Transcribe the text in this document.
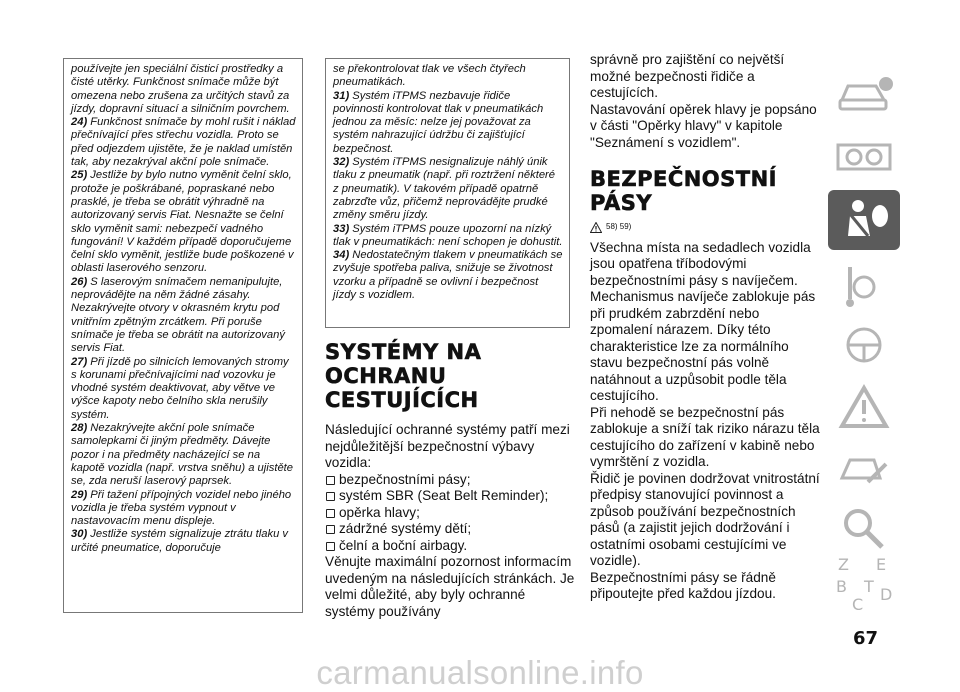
používejte jen speciální čisticí prostředky a čisté utěrky. Funkčnost snímače může být omezena nebo zrušena za určitých stavů za jízdy, dopravní situací a silničním povrchem.

24) Funkčnost snímače by mohl rušit i náklad přečnívající přes střechu vozidla. Proto se před odjezdem ujistěte, že je naklad umístěn tak, aby nezakrýval akční pole snímače.

25) Jestliže by bylo nutno vyměnit čelní sklo, protože je poškrábané, popraskané nebo prasklé, je třeba se obrátit výhradně na autorizovaný servis Fiat. Nesnažte se čelní sklo vyměnit sami: nebezpečí vadného fungování! V každém případě doporučujeme čelní sklo vyměnit, jestliže bude poškozené v oblasti laserového senzoru.

26) S laserovým snímačem nemanipulujte, neprovádějte na něm žádné zásahy. Nezakrývejte otvory v okrasném krytu pod vnitřním zpětným zrcátkem. Při poruše snímače je třeba se obrátit na autorizovaný servis Fiat.

27) Při jízdě po silnicích lemovaných stromy s korunami přečnívajícími nad vozovku je vhodné systém deaktivovat, aby větve ve výšce kapoty nebo čelního skla nerušily systém.

28) Nezakrývejte akční pole snímače samolepkami či jiným předměty. Dávejte pozor i na předměty nacházející se na kapotě vozidla (např. vrstva sněhu) a ujistěte se, zda neruší laserový paprsek.

29) Při tažení přípojných vozidel nebo jiného vozidla je třeba systém vypnout v nastavovacím menu displeje.

30) Jestliže systém signalizuje ztrátu tlaku v určité pneumatice, doporučuje

se překontrolovat tlak ve všech čtyřech pneumatikách.

31) Systém iTPMS nezbavuje řidiče povinnosti kontrolovat tlak v pneumatikách jednou za měsíc: nelze jej považovat za systém nahrazující údržbu či zajišťující bezpečnost.

32) Systém iTPMS nesignalizuje náhlý únik tlaku z pneumatik (např. při roztržení některé z pneumatik). V takovém případě opatrně zabrzďte vůz, přičemž neprovádějte prudké změny směru jízdy.

33) Systém iTPMS pouze upozorní na nízký tlak v pneumatikách: není schopen je dohustit.

34) Nedostatečným tlakem v pneumatikách se zvyšuje spotřeba paliva, snižuje se životnost vzorku a případně se ovlivní i bezpečnost jízdy s vozidlem.

SYSTÉMY NA OCHRANU CESTUJÍCÍCH

Následující ochranné systémy patří mezi nejdůležitější bezpečnostní výbavy vozidla:

bezpečnostními pásy;
systém SBR (Seat Belt Reminder);
opěrka hlavy;
zádržné systémy dětí;
čelní a boční airbagy.

Věnujte maximální pozornost informacím uvedeným na následujících stránkách. Je velmi důležité, aby byly ochranné systémy používány

správně pro zajištění co největší možné bezpečnosti řidiče a cestujících.

Nastavování opěrek hlavy je popsáno v části "Opěrky hlavy" v kapitole "Seznámení s vozidlem".

BEZPEČNOSTNÍ PÁSY
58) 59)

Všechna místa na sedadlech vozidla jsou opatřena tříbodovými bezpečnostními pásy s navíječem.

Mechanismus navíječe zablokuje pás při prudkém zabrzdění nebo zpomalení nárazem. Díky této charakteristice lze za normálního stavu bezpečnostní pás volně natáhnout a uzpůsobit podle těla cestujícího.

Při nehodě se bezpečnostní pás zablokuje a sníží tak riziko nárazu těla cestujícího do zařízení v kabině nebo vymrštění z vozidla.

Řidič je povinen dodržovat vnitrostátní předpisy stanovující povinnost a způsob používání bezpečnostních pásů (a zajistit jejich dodržování i ostatními osobami cestujícími ve vozidle).

Bezpečnostními pásy se řádně připoutejte před každou jízdou.

Z E
B
C
D
T
67
carmanualsonline.info
